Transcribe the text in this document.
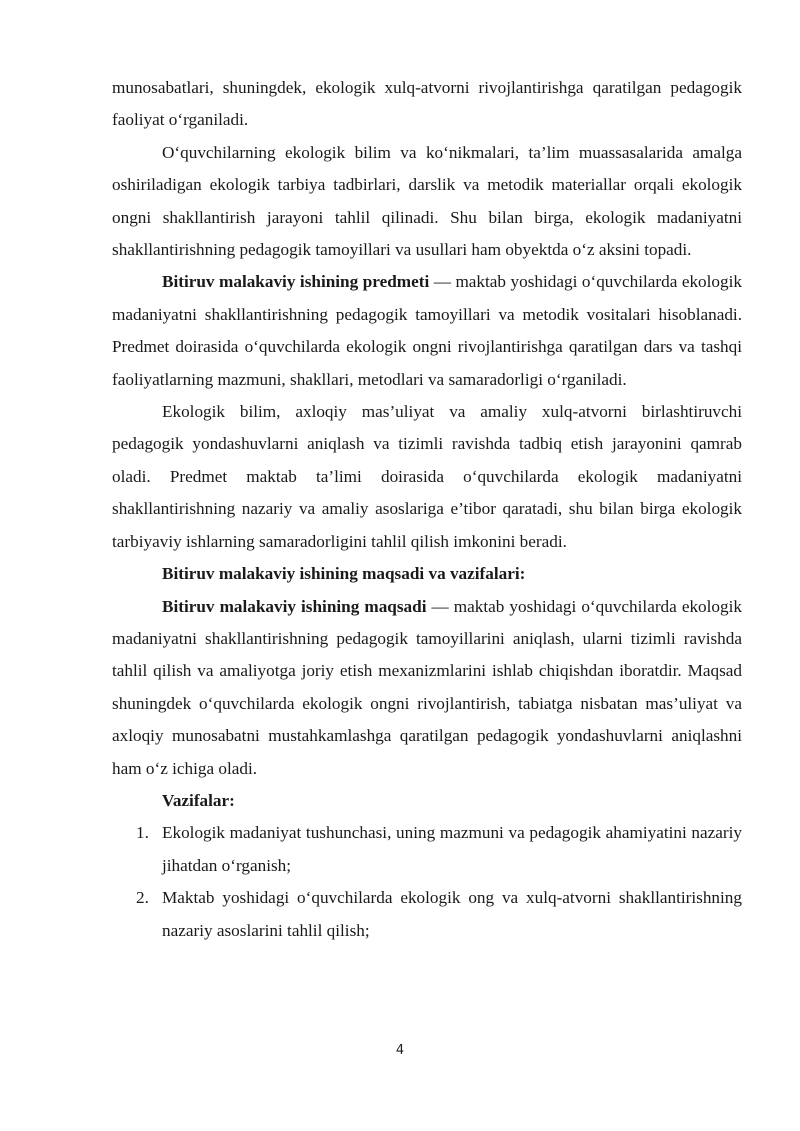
munosabatlari, shuningdek, ekologik xulq-atvorni rivojlantirishga qaratilgan pedagogik faoliyat o‘rganiladi.

O‘quvchilarning ekologik bilim va ko‘nikmalari, ta’lim muassasalarida amalga oshiriladigan ekologik tarbiya tadbirlari, darslik va metodik materiallar orqali ekologik ongni shakllantirish jarayoni tahlil qilinadi. Shu bilan birga, ekologik madaniyatni shakllantirishning pedagogik tamoyillari va usullari ham obyektda o‘z aksini topadi.

Bitiruv malakaviy ishining predmeti — maktab yoshidagi o‘quvchilarda ekologik madaniyatni shakllantirishning pedagogik tamoyillari va metodik vositalari hisoblanadi. Predmet doirasida o‘quvchilarda ekologik ongni rivojlantirishga qaratilgan dars va tashqi faoliyatlarning mazmuni, shakllari, metodlari va samaradorligi o‘rganiladi.

Ekologik bilim, axloqiy mas’uliyat va amaliy xulq-atvorni birlashtiruvchi pedagogik yondashuvlarni aniqlash va tizimli ravishda tadbiq etish jarayonini qamrab oladi. Predmet maktab ta’limi doirasida o‘quvchilarda ekologik madaniyatni shakllantirishning nazariy va amaliy asoslariga e’tibor qaratadi, shu bilan birga ekologik tarbiyaviy ishlarning samaradorligini tahlil qilish imkonini beradi.

Bitiruv malakaviy ishining maqsadi va vazifalari:

Bitiruv malakaviy ishining maqsadi — maktab yoshidagi o‘quvchilarda ekologik madaniyatni shakllantirishning pedagogik tamoyillarini aniqlash, ularni tizimli ravishda tahlil qilish va amaliyotga joriy etish mexanizmlarini ishlab chiqishdan iboratdir. Maqsad shuningdek o‘quvchilarda ekologik ongni rivojlantirish, tabiatga nisbatan mas’uliyat va axloqiy munosabatni mustahkamlashga qaratilgan pedagogik yondashuvlarni aniqlashni ham o‘z ichiga oladi.

Vazifalar:

1. Ekologik madaniyat tushunchasi, uning mazmuni va pedagogik ahamiyatini nazariy jihatdan o‘rganish;
2. Maktab yoshidagi o‘quvchilarda ekologik ong va xulq-atvorni shakllantirishning nazariy asoslarini tahlil qilish;
4
